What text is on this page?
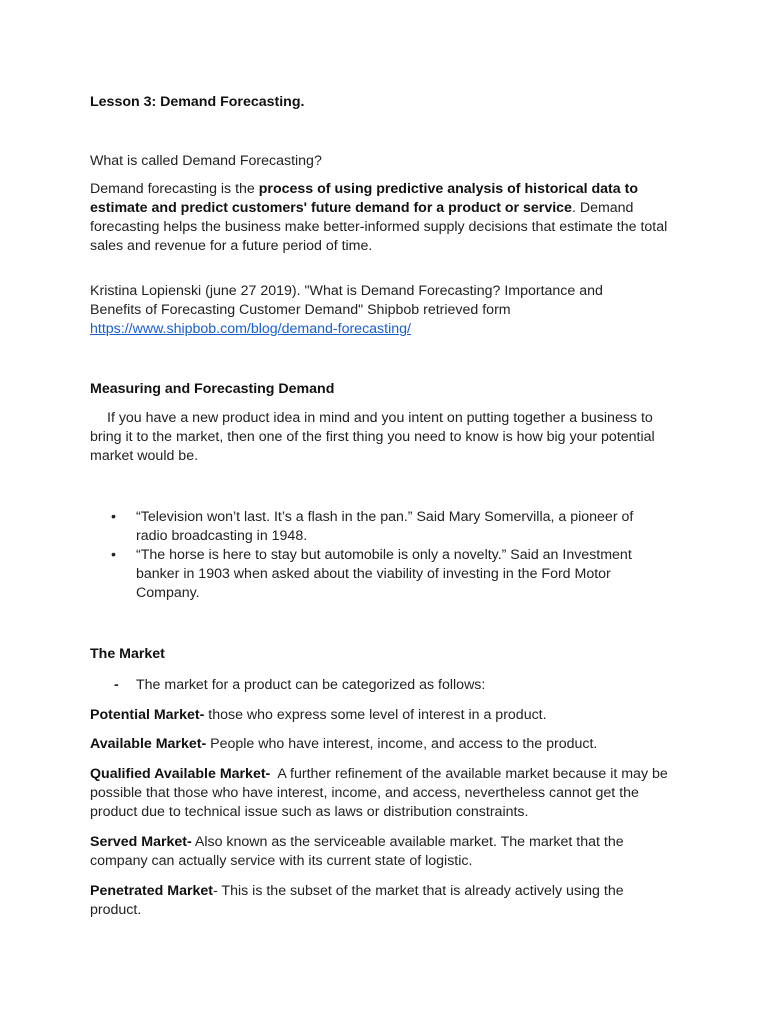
Lesson 3: Demand Forecasting.

What is called Demand Forecasting?

Demand forecasting is the process of using predictive analysis of historical data to estimate and predict customers' future demand for a product or service. Demand forecasting helps the business make better-informed supply decisions that estimate the total sales and revenue for a future period of time.

Kristina Lopienski (june 27 2019). "What is Demand Forecasting? Importance and Benefits of Forecasting Customer Demand" Shipbob retrieved form
https://www.shipbob.com/blog/demand-forecasting/

Measuring and Forecasting Demand

If you have a new product idea in mind and you intent on putting together a business to bring it to the market, then one of the first thing you need to know is how big your potential market would be.

• “Television won’t last. It’s a flash in the pan.” Said Mary Somervilla, a pioneer of radio broadcasting in 1948.
• “The horse is here to stay but automobile is only a novelty.” Said an Investment banker in 1903 when asked about the viability of investing in the Ford Motor Company.

The Market

-	The market for a product can be categorized as follows:

Potential Market- those who express some level of interest in a product.

Available Market- People who have interest, income, and access to the product.

Qualified Available Market-  A further refinement of the available market because it may be possible that those who have interest, income, and access, nevertheless cannot get the product due to technical issue such as laws or distribution constraints.

Served Market- Also known as the serviceable available market. The market that the company can actually service with its current state of logistic.

Penetrated Market- This is the subset of the market that is already actively using the product.
